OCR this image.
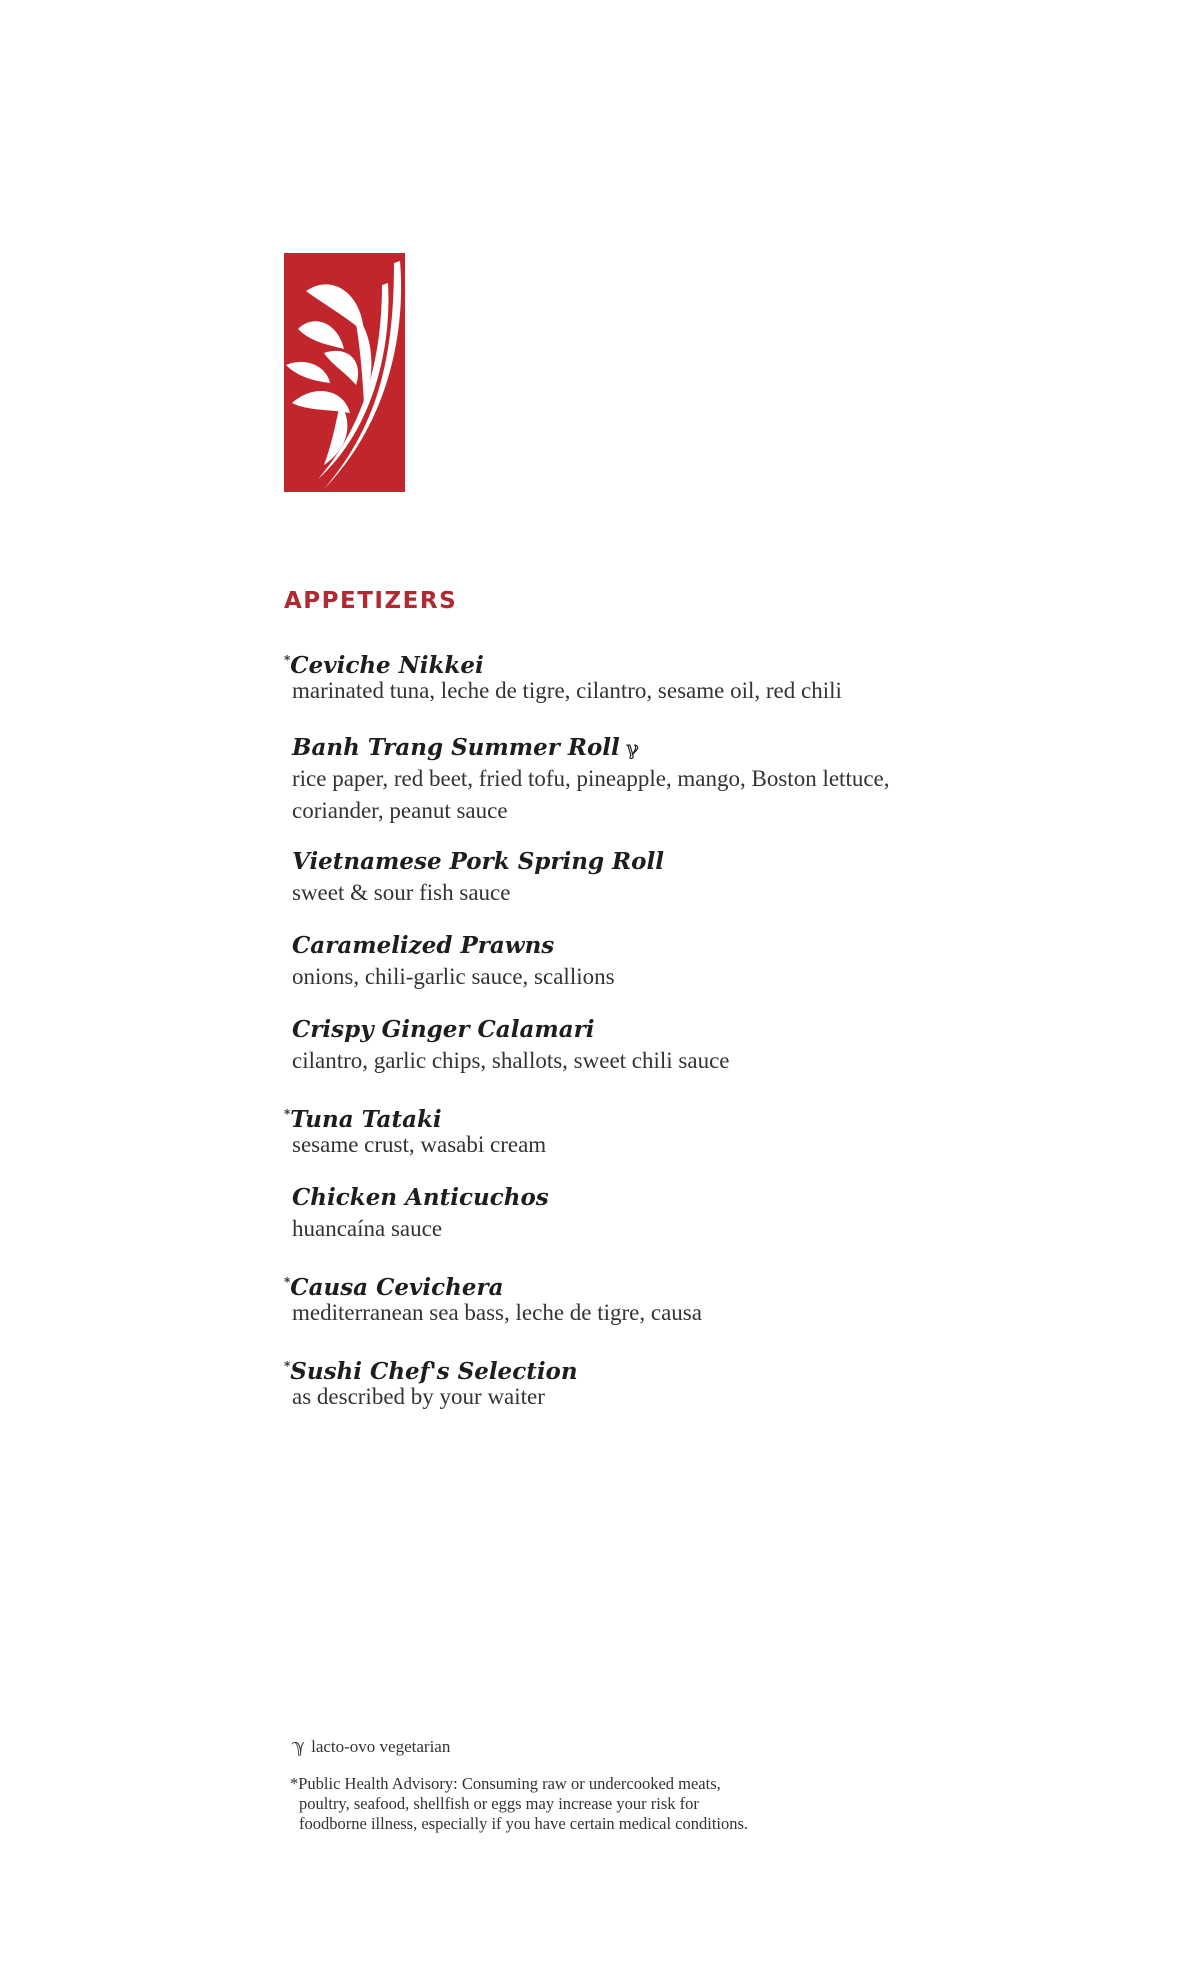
APPETIZERS
*Ceviche Nikkei
marinated tuna, leche de tigre, cilantro, sesame oil, red chili
Banh Trang Summer Roll ℽ
rice paper, red beet, fried tofu, pineapple, mango, Boston lettuce,
coriander, peanut sauce
Vietnamese Pork Spring Roll
sweet & sour fish sauce
Caramelized Prawns
onions, chili-garlic sauce, scallions
Crispy Ginger Calamari
cilantro, garlic chips, shallots, sweet chili sauce
*Tuna Tataki
sesame crust, wasabi cream
Chicken Anticuchos
huancaína sauce
*Causa Cevichera
mediterranean sea bass, leche de tigre, causa
*Sushi Chef's Selection
as described by your waiter
ℽ lacto-ovo vegetarian
*Public Health Advisory: Consuming raw or undercooked meats,
poultry, seafood, shellfish or eggs may increase your risk for
foodborne illness, especially if you have certain medical conditions.
